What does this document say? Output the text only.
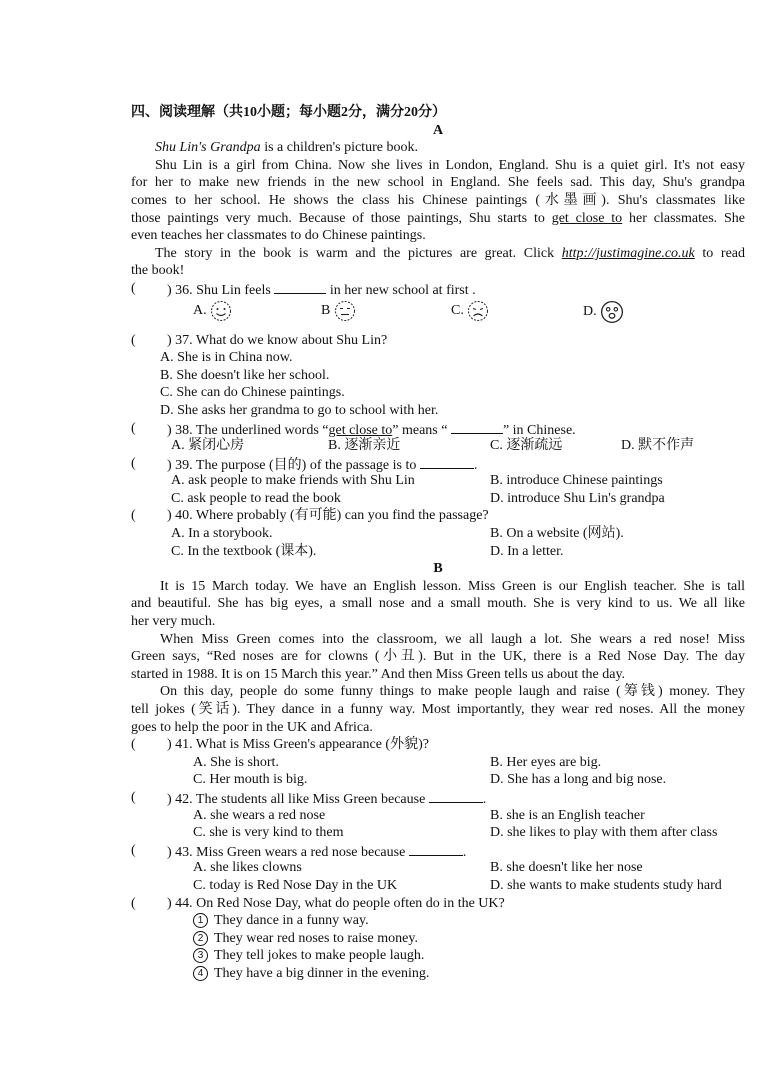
四、阅读理解（共10小题；每小题2分，满分20分）
A
Shu Lin's Grandpa is a children's picture book.
Shu Lin is a girl from China. Now she lives in London, England. Shu is a quiet girl. It's not easy
for her to make new friends in the new school in England. She feels sad. This day, Shu's grandpa
comes to her school. He shows the class his Chinese paintings (水墨画). Shu's classmates like
those paintings very much. Because of those paintings, Shu starts to get close to her classmates. She
even teaches her classmates to do Chinese paintings.
The story in the book is warm and the pictures are great. Click http://justimagine.co.uk to read
the book!
( ) 36. Shu Lin feels	in her new school at first .
A.	B	C.	D.
( ) 37. What do we know about Shu Lin?
A. She is in China now.
B. She doesn't like her school.
C. She can do Chinese paintings.
D. She asks her grandma to go to school with her.
( ) 38. The underlined words “get close to” means “	” in Chinese.
A. 紧闭心房	B. 逐渐亲近	C. 逐渐疏远	D. 默不作声
( ) 39. The purpose (目的) of the passage is to	.
A. ask people to make friends with Shu Lin	B. introduce Chinese paintings
C. ask people to read the book	D. introduce Shu Lin's grandpa
( ) 40. Where probably (有可能) can you find the passage?
A. In a storybook.	B. On a website (网站).
C. In the textbook (课本).	D. In a letter.
B
It is 15 March today. We have an English lesson. Miss Green is our English teacher. She is tall
and beautiful. She has big eyes, a small nose and a small mouth. She is very kind to us. We all like
her very much.
When Miss Green comes into the classroom, we all laugh a lot. She wears a red nose! Miss
Green says, “Red noses are for clowns (小丑). But in the UK, there is a Red Nose Day. The day
started in 1988. It is on 15 March this year.” And then Miss Green tells us about the day.
On this day, people do some funny things to make people laugh and raise (筹钱) money. They
tell jokes (笑话). They dance in a funny way. Most importantly, they wear red noses. All the money
goes to help the poor in the UK and Africa.
( ) 41. What is Miss Green's appearance (外貌)?
A. She is short.	B. Her eyes are big.
C. Her mouth is big.	D. She has a long and big nose.
( ) 42. The students all like Miss Green because	.
A. she wears a red nose	B. she is an English teacher
C. she is very kind to them	D. she likes to play with them after class
( ) 43. Miss Green wears a red nose because	.
A. she likes clowns	B. she doesn't like her nose
C. today is Red Nose Day in the UK	D. she wants to make students study hard
( ) 44. On Red Nose Day, what do people often do in the UK?
1 They dance in a funny way.
2 They wear red noses to raise money.
3 They tell jokes to make people laugh.
4 They have a big dinner in the evening.
